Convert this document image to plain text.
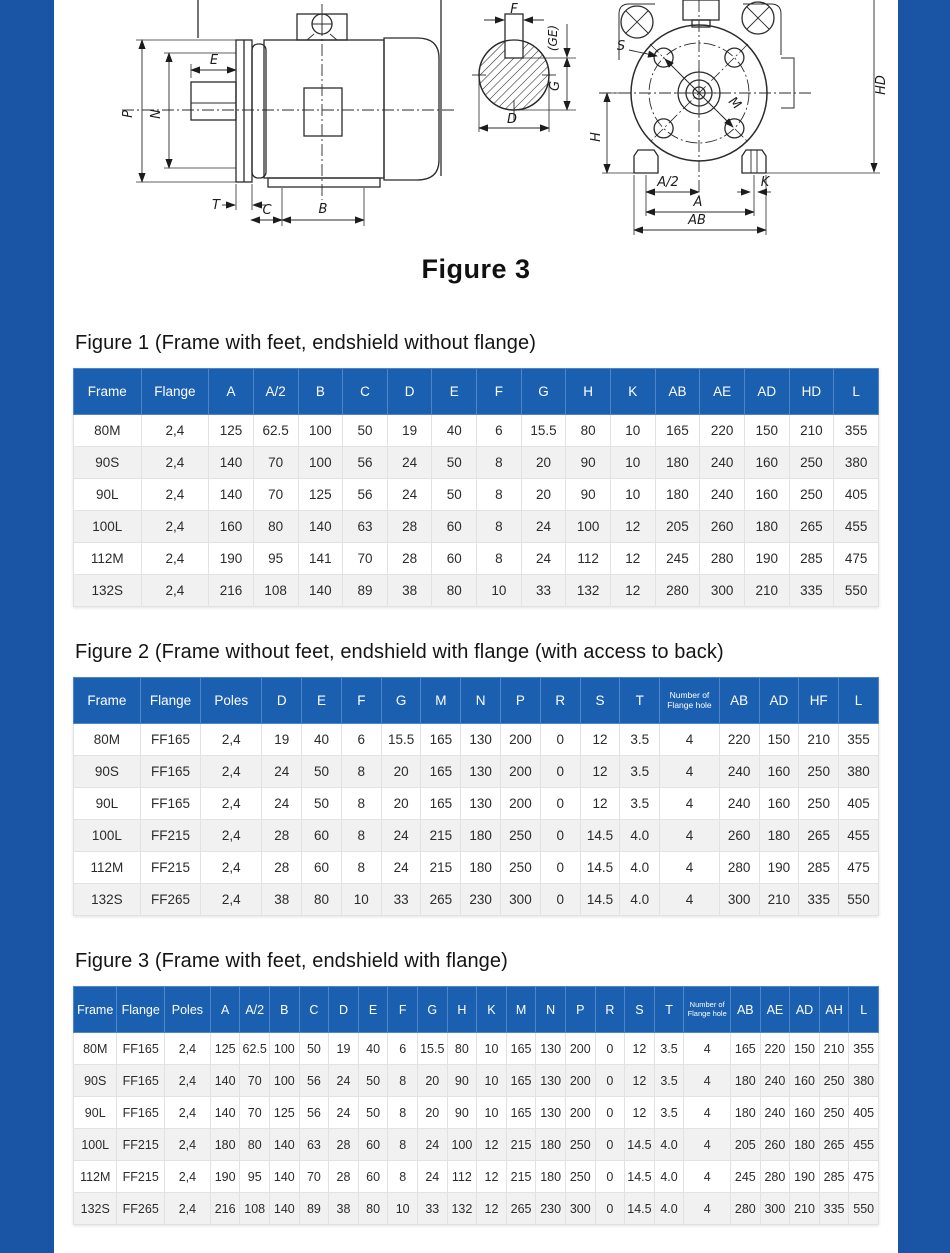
P N
E
T	C	B
F
(GE)
G
D
S
M
H
HD
A/2	K
A
AB
Figure 3
Figure 1 (Frame with feet, endshield without flange)
Frame	Flange	A	A/2	B	C	D	E	F	G	H	K	AB	AE	AD	HD	L
80M	2,4	125	62.5	100	50	19	40	6	15.5	80	10	165	220	150	210	355
90S	2,4	140	70	100	56	24	50	8	20	90	10	180	240	160	250	380
90L	2,4	140	70	125	56	24	50	8	20	90	10	180	240	160	250	405
100L	2,4	160	80	140	63	28	60	8	24	100	12	205	260	180	265	455
112M	2,4	190	95	141	70	28	60	8	24	112	12	245	280	190	285	475
132S	2,4	216	108	140	89	38	80	10	33	132	12	280	300	210	335	550
Figure 2 (Frame without feet, endshield with flange (with access to back)
Frame	Flange	Poles	D	E	F	G	M	N	P	R	S	T	Number of Flange hole	AB	AD	HF	L
80M	FF165	2,4	19	40	6	15.5	165	130	200	0	12	3.5	4	220	150	210	355
90S	FF165	2,4	24	50	8	20	165	130	200	0	12	3.5	4	240	160	250	380
90L	FF165	2,4	24	50	8	20	165	130	200	0	12	3.5	4	240	160	250	405
100L	FF215	2,4	28	60	8	24	215	180	250	0	14.5	4.0	4	260	180	265	455
112M	FF215	2,4	28	60	8	24	215	180	250	0	14.5	4.0	4	280	190	285	475
132S	FF265	2,4	38	80	10	33	265	230	300	0	14.5	4.0	4	300	210	335	550
Figure 3 (Frame with feet, endshield with flange)
Frame	Flange	Poles	A	A/2	B	C	D	E	F	G	H	K	M	N	P	R	S	T	Number of Flange hole	AB	AE	AD	AH	L
80M	FF165	2,4	125	62.5	100	50	19	40	6	15.5	80	10	165	130	200	0	12	3.5	4	165	220	150	210	355
90S	FF165	2,4	140	70	100	56	24	50	8	20	90	10	165	130	200	0	12	3.5	4	180	240	160	250	380
90L	FF165	2,4	140	70	125	56	24	50	8	20	90	10	165	130	200	0	12	3.5	4	180	240	160	250	405
100L	FF215	2,4	180	80	140	63	28	60	8	24	100	12	215	180	250	0	14.5	4.0	4	205	260	180	265	455
112M	FF215	2,4	190	95	140	70	28	60	8	24	112	12	215	180	250	0	14.5	4.0	4	245	280	190	285	475
132S	FF265	2,4	216	108	140	89	38	80	10	33	132	12	265	230	300	0	14.5	4.0	4	280	300	210	335	550
